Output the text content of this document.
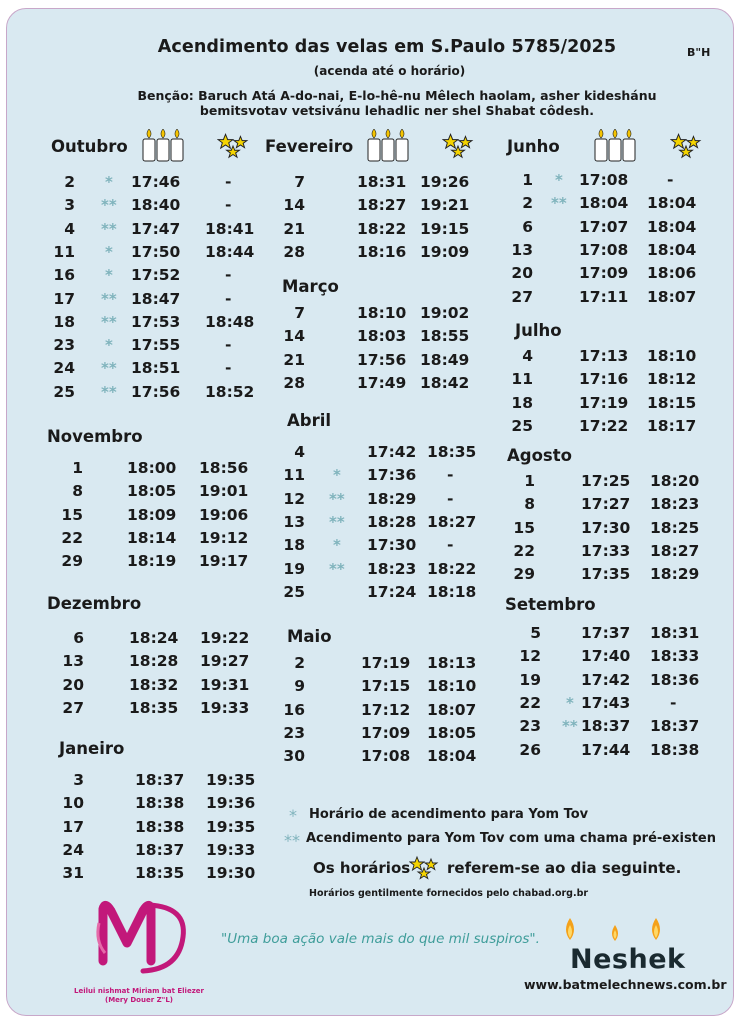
Acendimento das velas em S.Paulo 5785/2025
(acenda até o horário)
B"H
Benção: Baruch Atá A-do-nai, E-lo-hê-nu Mêlech haolam, asher kideshánu
bemitsvotav vetsivánu lehadlic ner shel Shabat côdesh.
* Horário de acendimento para Yom Tov
** Acendimento para Yom Tov com uma chama pré-existen
Os horários referem-se ao dia seguinte.
Horários gentilmente fornecidos pelo chabad.org.br
Leilui nishmat Miriam bat Eliezer
(Mery Douer Z"L)
"Uma boa ação vale mais do que mil suspiros".
Neshek
www.batmelechnews.com.br
Outubro
2 * 17:46	-
3 ** 18:40	-
4 ** 17:47 18:41
11 * 17:50 18:44
16 * 17:52	-
17 ** 18:47	-
18 ** 17:53 18:48
23 * 17:55	-
24 ** 18:51	-
25 ** 17:56 18:52
Novembro
1	18:00 18:56
8	18:05 19:01
15	18:09 19:06
22	18:14 19:12
29	18:19 19:17
Dezembro
6	18:24 19:22
13	18:28 19:27
20	18:32 19:31
27	18:35 19:33
Janeiro
3	18:37 19:35
10	18:38 19:36
17	18:38 19:35
24	18:37 19:33
31	18:35 19:30
Fevereiro
7	18:31 19:26
14	18:27 19:21
21	18:22 19:15
28	18:16 19:09
Março
7	18:10 19:02
14	18:03 18:55
21	17:56 18:49
28	17:49 18:42
Abril
4	17:42 18:35
11 * 17:36 -
12 ** 18:29 -
13 ** 18:28 18:27
18 * 17:30 -
19 ** 18:23 18:22
25	17:24 18:18
Maio
2	17:19 18:13
9	17:15 18:10
16	17:12 18:07
23	17:09 18:05
30	17:08 18:04
Junho
1 * 17:08 -
2 ** 18:04 18:04
6	17:07 18:04
13	17:08 18:04
20	17:09 18:06
27	17:11 18:07
Julho
4	17:13 18:10
11	17:16 18:12
18	17:19 18:15
25	17:22 18:17
Agosto
1	17:25 18:20
8	17:27 18:23
15	17:30 18:25
22	17:33 18:27
29	17:35 18:29
Setembro
5	17:37 18:31
12	17:40 18:33
19	17:42 18:36
22 * 17:43	-
23 ** 18:37 18:37
26	17:44 18:38
